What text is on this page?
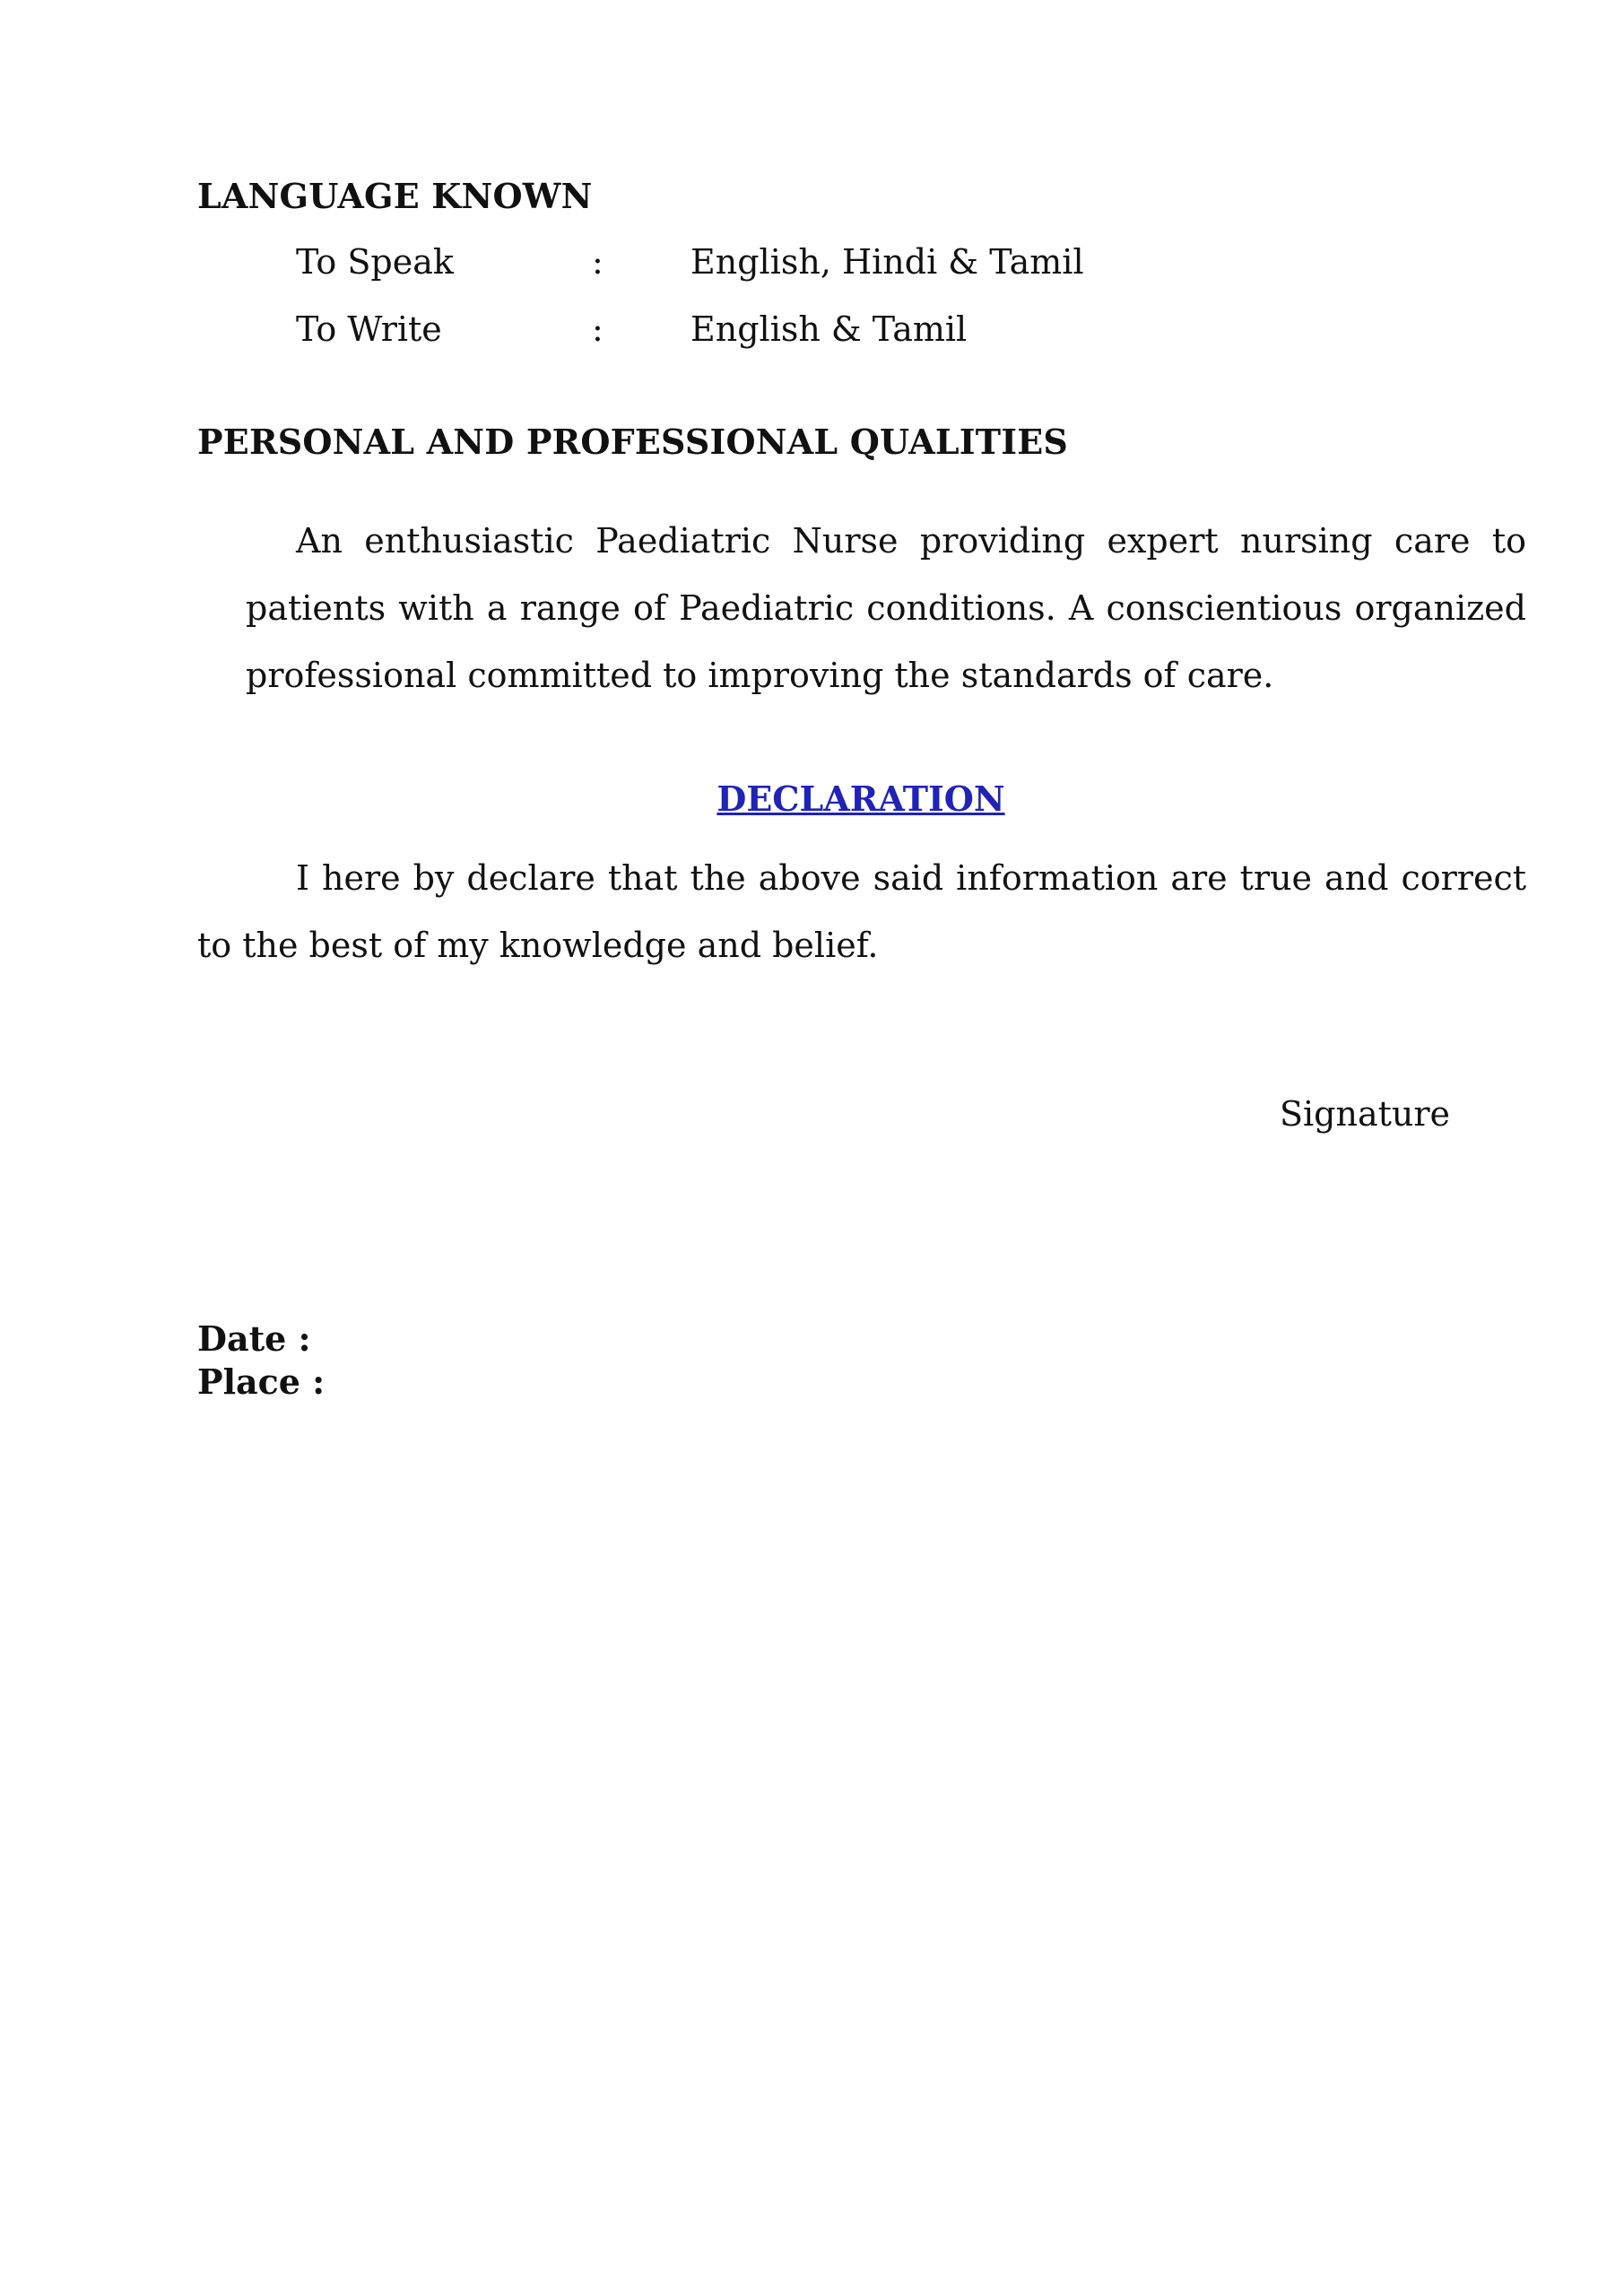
LANGUAGE KNOWN
To Speak	:	English, Hindi & Tamil
To Write	:	English & Tamil
PERSONAL AND PROFESSIONAL QUALITIES

An enthusiastic Paediatric Nurse providing expert nursing care to patients with a range of Paediatric conditions. A conscientious organized professional committed to improving the standards of care.

DECLARATION

I here by declare that the above said information are true and correct to the best of my knowledge and belief.

Signature
Date :
Place :
